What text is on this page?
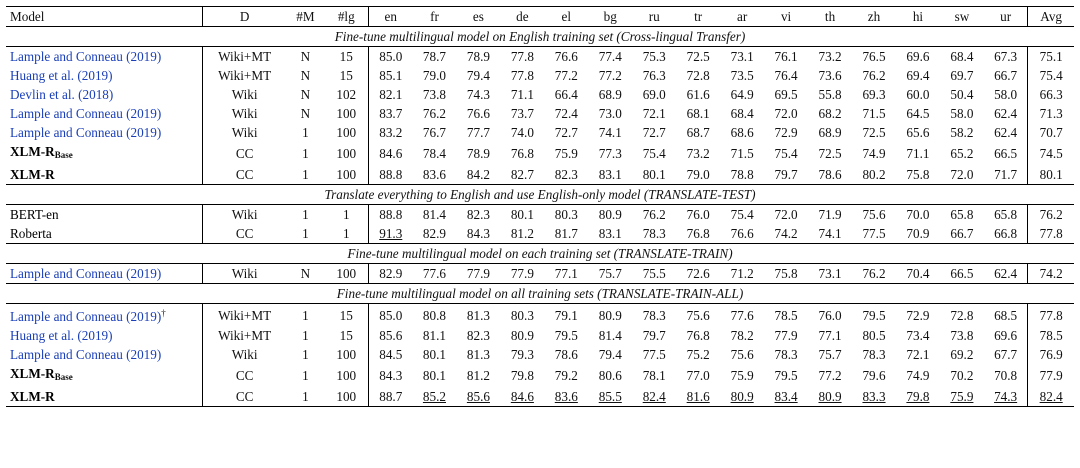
Model	D	#M	#lg	en	fr	es	de	el	bg	ru	tr	ar	vi	th	zh	hi	sw	ur	Avg
Fine-tune multilingual model on English training set (Cross-lingual Transfer)																			
Lample and Conneau (2019)	Wiki+MT	N	15	85.0	78.7	78.9	77.8	76.6	77.4	75.3	72.5	73.1	76.1	73.2	76.5	69.6	68.4	67.3	75.1
Huang et al. (2019)	Wiki+MT	N	15	85.1	79.0	79.4	77.8	77.2	77.2	76.3	72.8	73.5	76.4	73.6	76.2	69.4	69.7	66.7	75.4
Devlin et al. (2018)	Wiki	N	102	82.1	73.8	74.3	71.1	66.4	68.9	69.0	61.6	64.9	69.5	55.8	69.3	60.0	50.4	58.0	66.3
Lample and Conneau (2019)	Wiki	N	100	83.7	76.2	76.6	73.7	72.4	73.0	72.1	68.1	68.4	72.0	68.2	71.5	64.5	58.0	62.4	71.3
Lample and Conneau (2019)	Wiki	1	100	83.2	76.7	77.7	74.0	72.7	74.1	72.7	68.7	68.6	72.9	68.9	72.5	65.6	58.2	62.4	70.7
XLM-$R_{Base}$	CC	1	100	84.6	78.4	78.9	76.8	75.9	77.3	75.4	73.2	71.5	75.4	72.5	74.9	71.1	65.2	66.5	74.5
XLM-R	CC	1	100	88.8	83.6	84.2	82.7	82.3	83.1	80.1	79.0	78.8	79.7	78.6	80.2	75.8	72.0	71.7	80.1
Translate everything to English and use English-only model (TRANSLATE-TEST)																			
BERT-en	Wiki	1	1	88.8	81.4	82.3	80.1	80.3	80.9	76.2	76.0	75.4	72.0	71.9	75.6	70.0	65.8	65.8	76.2
Roberta	CC	1	1	91.3	82.9	84.3	81.2	81.7	83.1	78.3	76.8	76.6	74.2	74.1	77.5	70.9	66.7	66.8	77.8
Fine-tune multilingual model on each training set (TRANSLATE-TRAIN)																			
Lample and Conneau (2019)	Wiki	N	100	82.9	77.6	77.9	77.9	77.1	75.7	75.5	72.6	71.2	75.8	73.1	76.2	70.4	66.5	62.4	74.2
Fine-tune multilingual model on all training sets (TRANSLATE-TRAIN-ALL)																			
Lample and Conneau (2019)†	Wiki+MT	1	15	85.0	80.8	81.3	80.3	79.1	80.9	78.3	75.6	77.6	78.5	76.0	79.5	72.9	72.8	68.5	77.8
Huang et al. (2019)	Wiki+MT	1	15	85.6	81.1	82.3	80.9	79.5	81.4	79.7	76.8	78.2	77.9	77.1	80.5	73.4	73.8	69.6	78.5
Lample and Conneau (2019)	Wiki	1	100	84.5	80.1	81.3	79.3	78.6	79.4	77.5	75.2	75.6	78.3	75.7	78.3	72.1	69.2	67.7	76.9
XLM-$R_{Base}$	CC	1	100	84.3	80.1	81.2	79.8	79.2	80.6	78.1	77.0	75.9	79.5	77.2	79.6	74.9	70.2	70.8	77.9
XLM-R	CC	1	100	88.7	85.2	85.6	84.6	83.6	85.5	82.4	81.6	80.9	83.4	80.9	83.3	79.8	75.9	74.3	82.4
